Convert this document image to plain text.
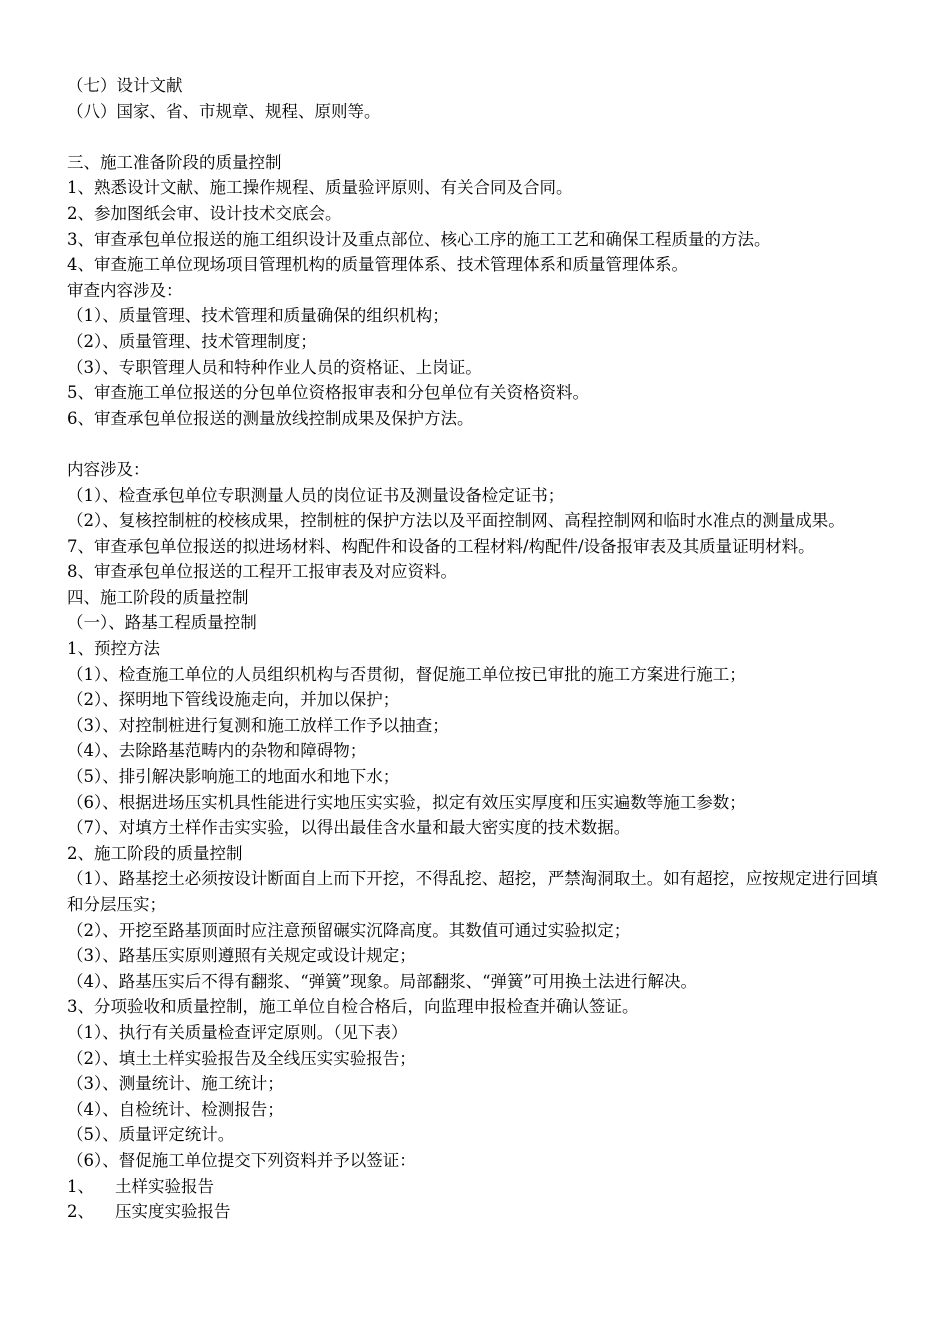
（七）设计文献
（八）国家、省、市规章、规程、原则等。
三、施工准备阶段的质量控制
1、熟悉设计文献、施工操作规程、质量验评原则、有关合同及合同。
2、参加图纸会审、设计技术交底会。
3、审查承包单位报送的施工组织设计及重点部位、核心工序的施工工艺和确保工程质量的方法。
4、审查施工单位现场项目管理机构的质量管理体系、技术管理体系和质量管理体系。
审查内容涉及：
（1）、质量管理、技术管理和质量确保的组织机构；
（2）、质量管理、技术管理制度；
（3）、专职管理人员和特种作业人员的资格证、上岗证。
5、审查施工单位报送的分包单位资格报审表和分包单位有关资格资料。
6、审查承包单位报送的测量放线控制成果及保护方法。
内容涉及：
（1）、检查承包单位专职测量人员的岗位证书及测量设备检定证书；
（2）、复核控制桩的校核成果，控制桩的保护方法以及平面控制网、高程控制网和临时水准点的测量成果。
7、审查承包单位报送的拟进场材料、构配件和设备的工程材料/构配件/设备报审表及其质量证明材料。
8、审查承包单位报送的工程开工报审表及对应资料。
四、施工阶段的质量控制
（一）、路基工程质量控制
1、预控方法
（1）、检查施工单位的人员组织机构与否贯彻，督促施工单位按已审批的施工方案进行施工；
（2）、探明地下管线设施走向，并加以保护；
（3）、对控制桩进行复测和施工放样工作予以抽查；
（4）、去除路基范畴内的杂物和障碍物；
（5）、排引解决影响施工的地面水和地下水；
（6）、根据进场压实机具性能进行实地压实实验，拟定有效压实厚度和压实遍数等施工参数；
（7）、对填方土样作击实实验，以得出最佳含水量和最大密实度的技术数据。
2、施工阶段的质量控制
（1）、路基挖土必须按设计断面自上而下开挖，不得乱挖、超挖，严禁淘洞取土。如有超挖，应按规定进行回填和分层压实；
（2）、开挖至路基顶面时应注意预留碾实沉降高度。其数值可通过实验拟定；
（3）、路基压实原则遵照有关规定或设计规定；
（4）、路基压实后不得有翻浆、“弹簧”现象。局部翻浆、“弹簧”可用换土法进行解决。
3、分项验收和质量控制，施工单位自检合格后，向监理申报检查并确认签证。
（1）、执行有关质量检查评定原则。（见下表）
（2）、填土土样实验报告及全线压实实验报告；
（3）、测量统计、施工统计；
（4）、自检统计、检测报告；
（5）、质量评定统计。
（6）、督促施工单位提交下列资料并予以签证：
1、    土样实验报告
2、    压实度实验报告
